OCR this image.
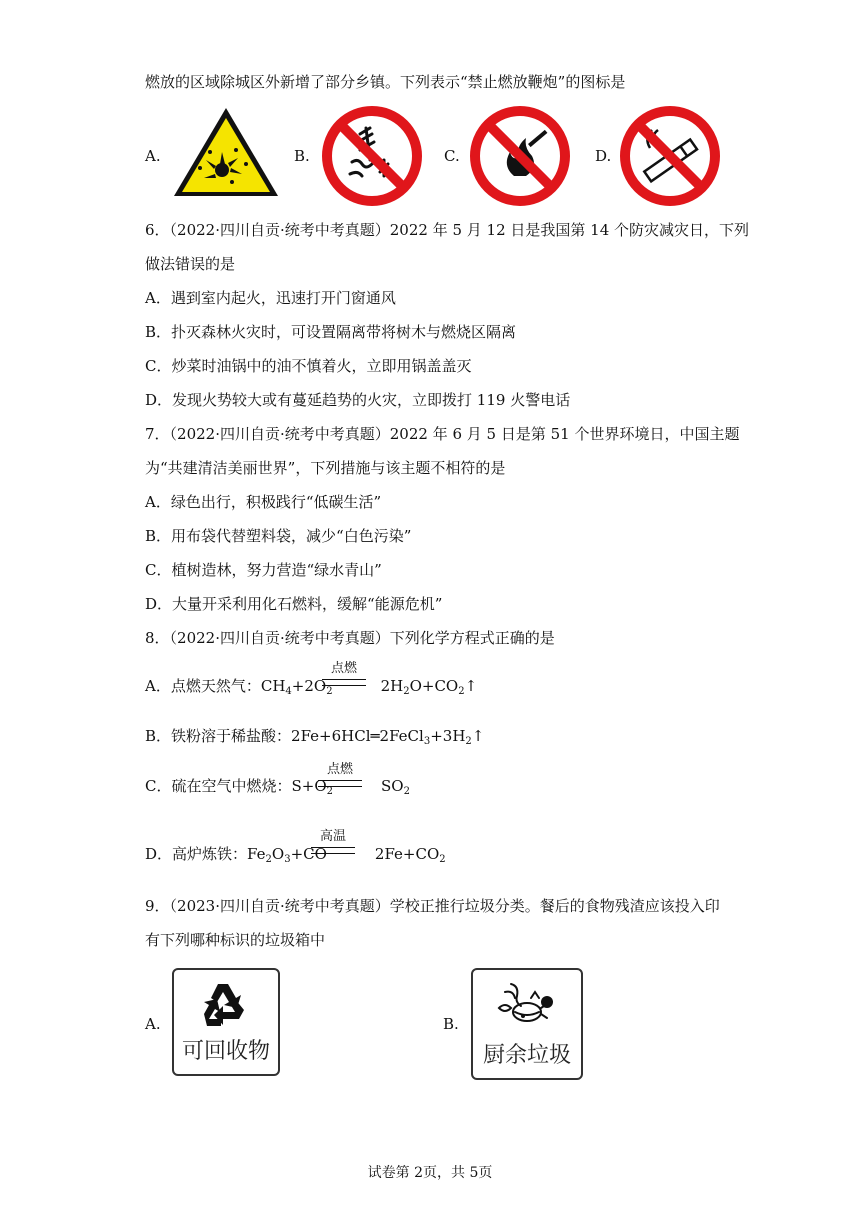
燃放的区域除城区外新增了部分乡镇。下列表示“禁止燃放鞭炮”的图标是
A.	B.	C.	D.
6．（2022·四川自贡·统考中考真题）2022 年 5 月 12 日是我国第 14 个防灾减灾日，下列
做法错误的是
A．遇到室内起火，迅速打开门窗通风
B．扑灭森林火灾时，可设置隔离带将树木与燃烧区隔离
C．炒菜时油锅中的油不慎着火，立即用锅盖盖灭
D．发现火势较大或有蔓延趋势的火灾，立即拨打 119 火警电话
7．（2022·四川自贡·统考中考真题）2022 年 6 月 5 日是第 51 个世界环境日，中国主题
为“共建清洁美丽世界”，下列措施与该主题不相符的是
A．绿色出行，积极践行“低碳生活”
B．用布袋代替塑料袋，减少“白色污染”
C．植树造林，努力营造“绿水青山”
D．大量开采利用化石燃料，缓解“能源危机”
8．（2022·四川自贡·统考中考真题）下列化学方程式正确的是
A．点燃天然气：$CH_4+2O_2$	$2H_2O+CO_2↑$
点燃
B．铁粉溶于稀盐酸：$2Fe+6HCl═2FeCl_3+3H_2↑$
C．硫在空气中燃烧：$S+O_2$	$SO_2$
点燃
D．高炉炼铁：$Fe_2O_3+CO$	$2Fe+CO_2$
高温
9．（2023·四川自贡·统考中考真题）学校正推行垃圾分类。餐后的食物残渣应该投入印
有下列哪种标识的垃圾箱中
A.
可回收物
B.
厨余垃圾
试卷第 2页，共 5页
